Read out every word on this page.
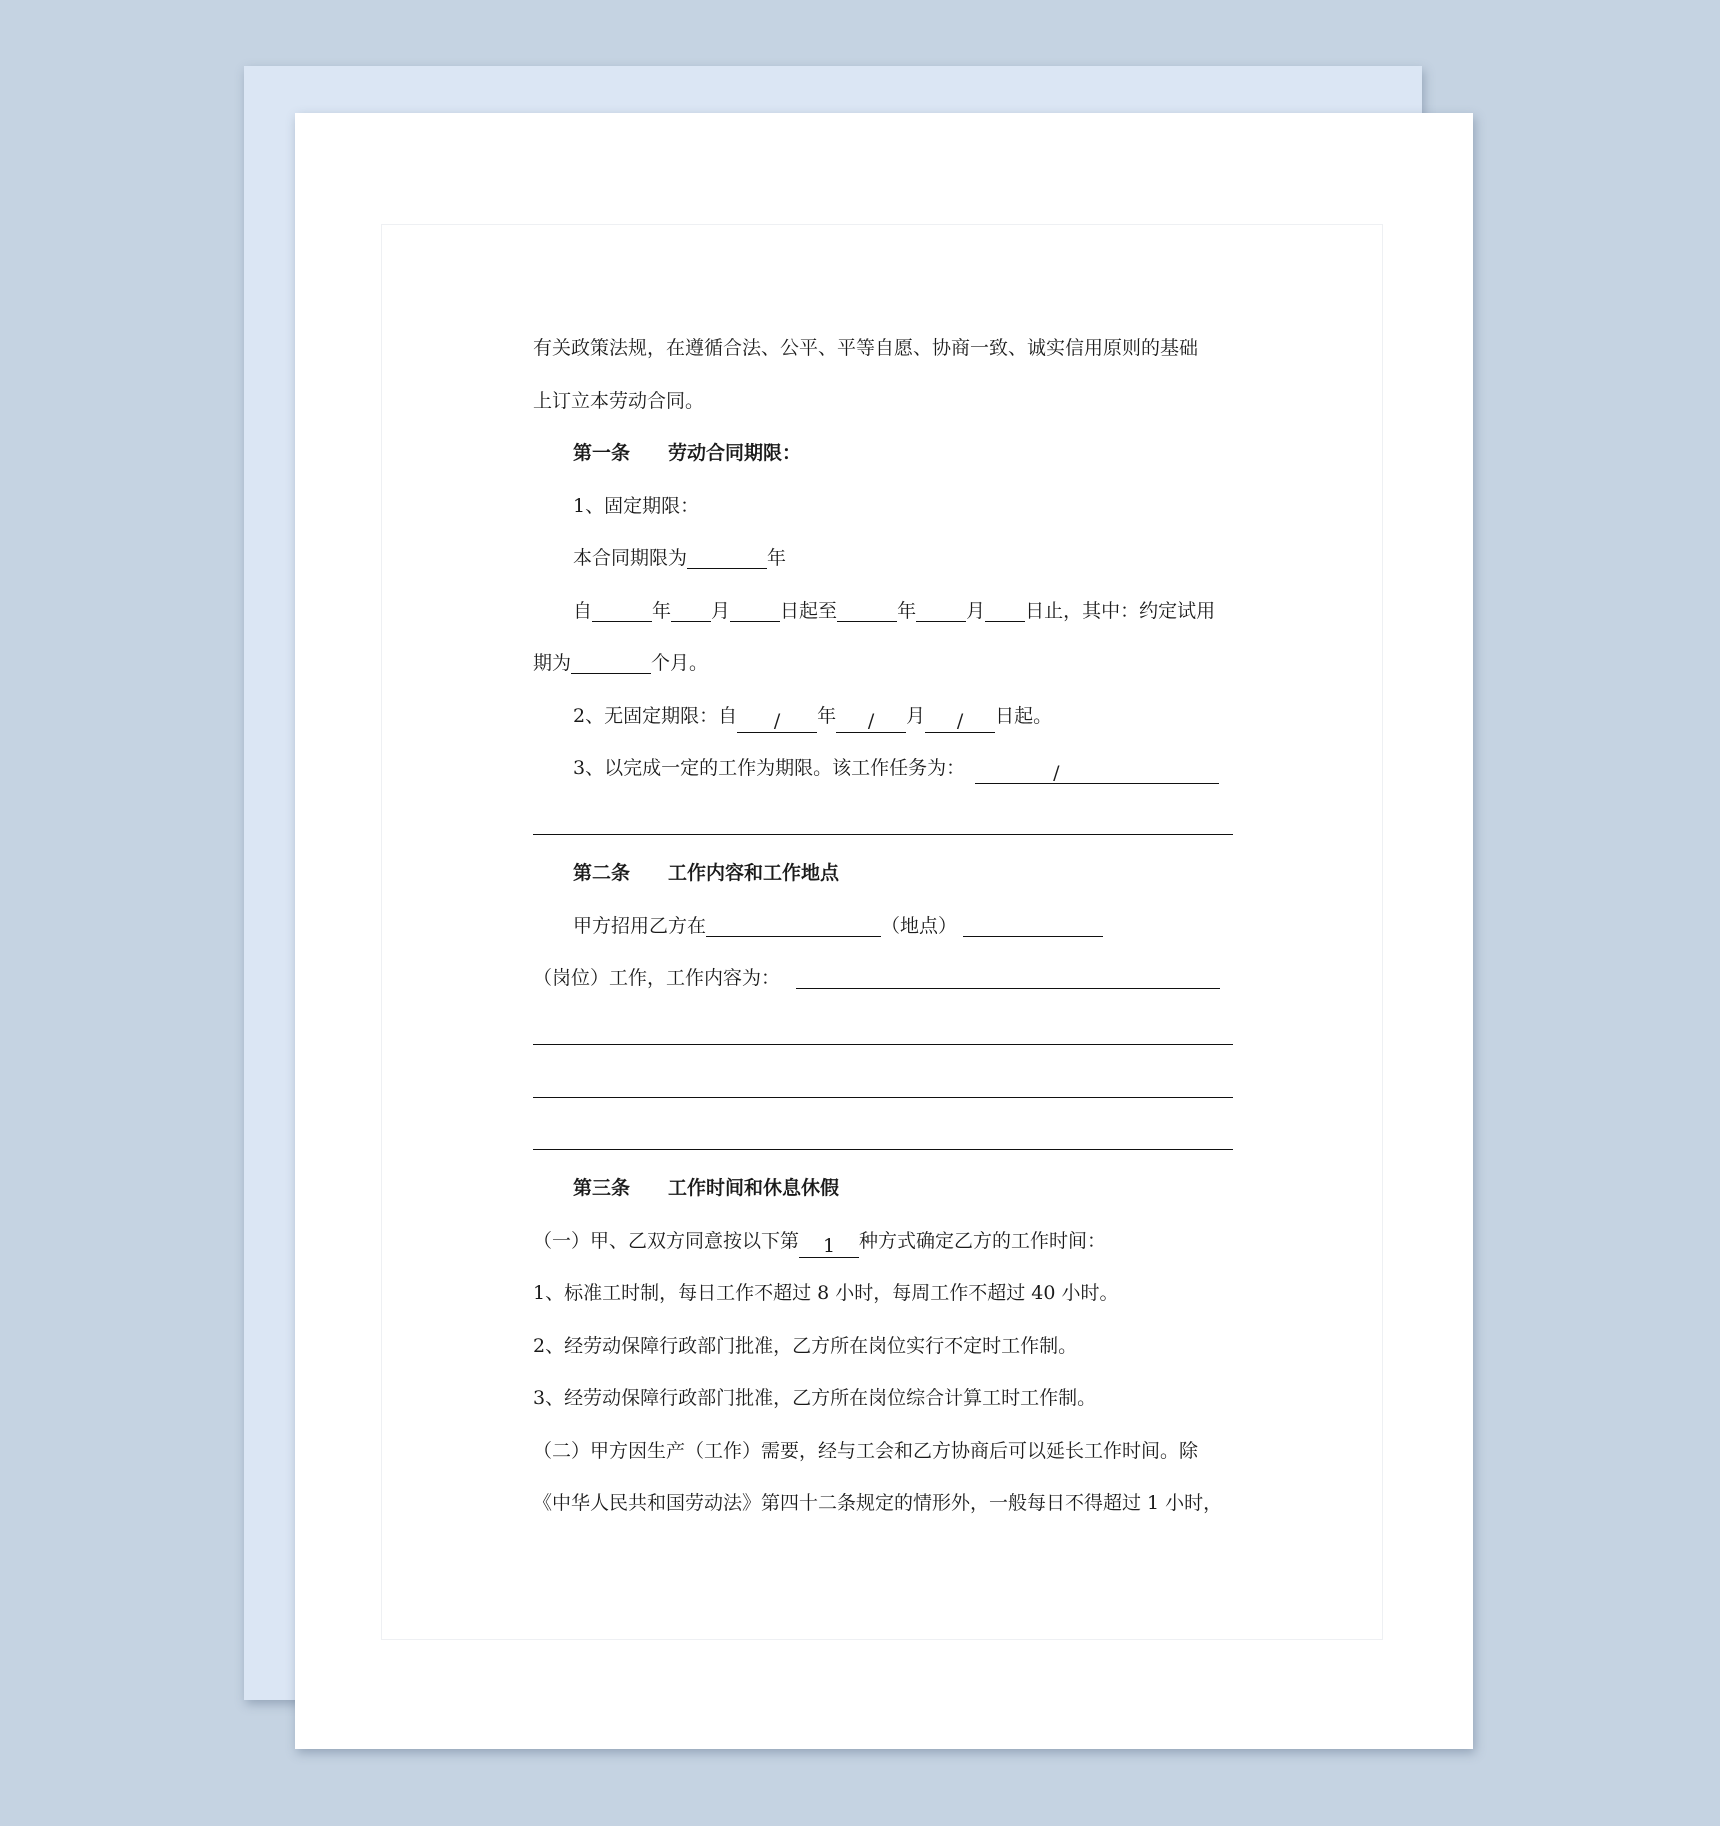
有关政策法规，在遵循合法、公平、平等自愿、协商一致、诚实信用原则的基础
上订立本劳动合同。
第一条 劳动合同期限：
1、固定期限：
本合同期限为	年
自	年 月	日起至	年	月 日止，其中：约定试用
期为	个月。
2、无固定期限：自 / 年 / 月 / 日起。
3、以完成一定的工作为期限。该工作任务为：	/
第二条 工作内容和工作地点
甲方招用乙方在	（地点）
（岗位）工作，工作内容为：
第三条 工作时间和休息休假
（一）甲、乙双方同意按以下第 1 种方式确定乙方的工作时间：
1、标准工时制，每日工作不超过 8 小时，每周工作不超过 40 小时。
2、经劳动保障行政部门批准，乙方所在岗位实行不定时工作制。
3、经劳动保障行政部门批准，乙方所在岗位综合计算工时工作制。
（二）甲方因生产（工作）需要，经与工会和乙方协商后可以延长工作时间。除
《中华人民共和国劳动法》第四十二条规定的情形外，一般每日不得超过 1 小时，
